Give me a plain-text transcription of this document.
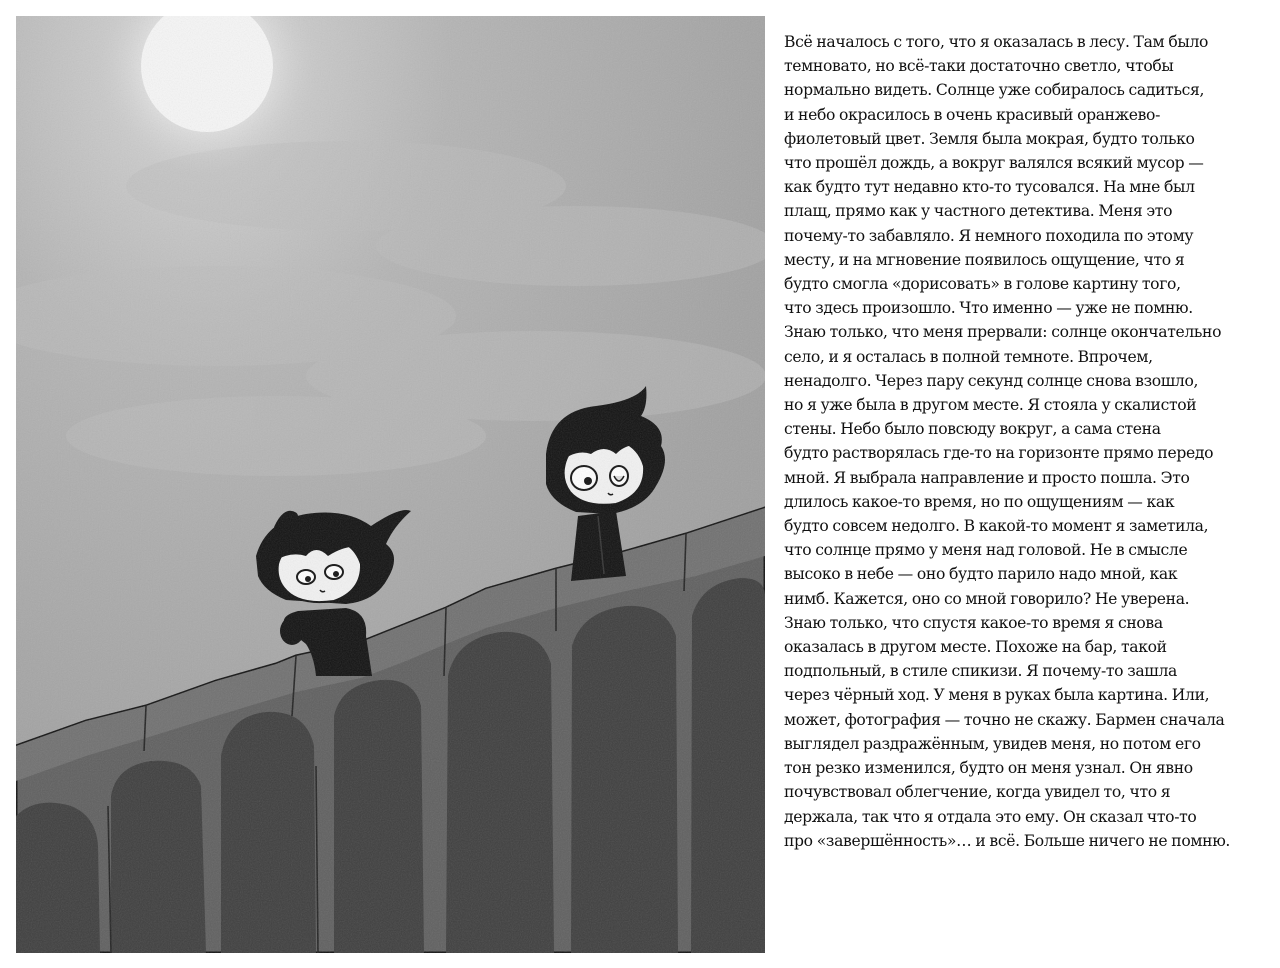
Всё началось с того, что я оказалась в лесу. Там было
темновато, но всё-таки достаточно светло, чтобы
нормально видеть. Солнце уже собиралось садиться,
и небо окрасилось в очень красивый оранжево-
фиолетовый цвет. Земля была мокрая, будто только
что прошёл дождь, а вокруг валялся всякий мусор —
как будто тут недавно кто-то тусовался. На мне был
плащ, прямо как у частного детектива. Меня это
почему-то забавляло. Я немного походила по этому
месту, и на мгновение появилось ощущение, что я
будто смогла «дорисовать» в голове картину того,
что здесь произошло. Что именно — уже не помню.
Знаю только, что меня прервали: солнце окончательно
село, и я осталась в полной темноте. Впрочем,
ненадолго. Через пару секунд солнце снова взошло,
но я уже была в другом месте. Я стояла у скалистой
стены. Небо было повсюду вокруг, а сама стена
будто растворялась где-то на горизонте прямо передо
мной. Я выбрала направление и просто пошла. Это
длилось какое-то время, но по ощущениям — как
будто совсем недолго. В какой-то момент я заметила,
что солнце прямо у меня над головой. Не в смысле
высоко в небе — оно будто парило надо мной, как
нимб. Кажется, оно со мной говорило? Не уверена.
Знаю только, что спустя какое-то время я снова
оказалась в другом месте. Похоже на бар, такой
подпольный, в стиле спикизи. Я почему-то зашла
через чёрный ход. У меня в руках была картина. Или,
может, фотография — точно не скажу. Бармен сначала
выглядел раздражённым, увидев меня, но потом его
тон резко изменился, будто он меня узнал. Он явно
почувствовал облегчение, когда увидел то, что я
держала, так что я отдала это ему. Он сказал что-то
про «завершённость»… и всё. Больше ничего не помню.
